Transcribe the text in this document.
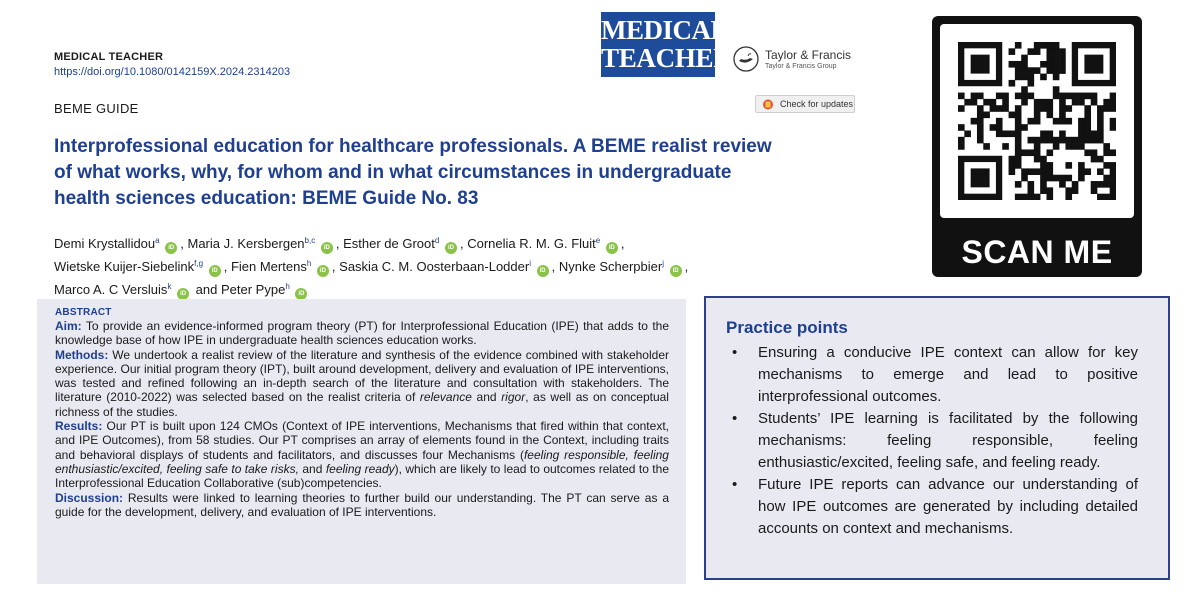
MEDICAL TEACHER
https://doi.org/10.1080/0142159X.2024.2314203
MEDICAL
TEACHER	Taylor & Francis
Taylor & Francis Group
BEME GUIDE	Check for updates
Interprofessional education for healthcare professionals. A BEME realist review of what works, why, for whom and in what circumstances in undergraduate health sciences education: BEME Guide No. 83
Demi Krystallidou$^a$ iD , Maria J. Kersbergen$^{b,c}$ iD , Esther de Groot$^d$ iD , Cornelia R. M. G. Fluit$^e$ iD ,
Wietske Kuijer-Siebelink$^{f,g}$ iD , Fien Mertens$^h$ iD , Saskia C. M. Oosterbaan-Lodder$^i$ iD , Nynke Scherpbier$^j$ iD ,
Marco A. C Versluis$^k$ iD and Peter Pype$^h$ iD
SCAN ME
ABSTRACT
Aim: To provide an evidence-informed program theory (PT) for Interprofessional Education (IPE) that adds to the knowledge base of how IPE in undergraduate health sciences education works.
Methods: We undertook a realist review of the literature and synthesis of the evidence combined with stakeholder experience. Our initial program theory (IPT), built around development, delivery and evaluation of IPE interventions, was tested and refined following an in-depth search of the literature and consultation with stakeholders. The literature (2010-2022) was selected based on the realist criteria of relevance and rigor, as well as on conceptual richness of the studies.
Results: Our PT is built upon 124 CMOs (Context of IPE interventions, Mechanisms that fired within that context, and IPE Outcomes), from 58 studies. Our PT comprises an array of elements found in the Context, including traits and behavioral displays of students and facilitators, and discusses four Mechanisms (feeling responsible, feeling enthusiastic/excited, feeling safe to take risks, and feeling ready), which are likely to lead to outcomes related to the Interprofessional Education Collaborative (sub)competencies.
Discussion: Results were linked to learning theories to further build our understanding. The PT can serve as a guide for the development, delivery, and evaluation of IPE interventions.
Practice points
• Ensuring a conducive IPE context can allow for key mechanisms to emerge and lead to positive interprofessional outcomes.
• Students’ IPE learning is facilitated by the following mechanisms: feeling responsible, feeling enthusiastic/excited, feeling safe, and feeling ready.
• Future IPE reports can advance our understanding of how IPE outcomes are generated by including detailed accounts on context and mechanisms.
